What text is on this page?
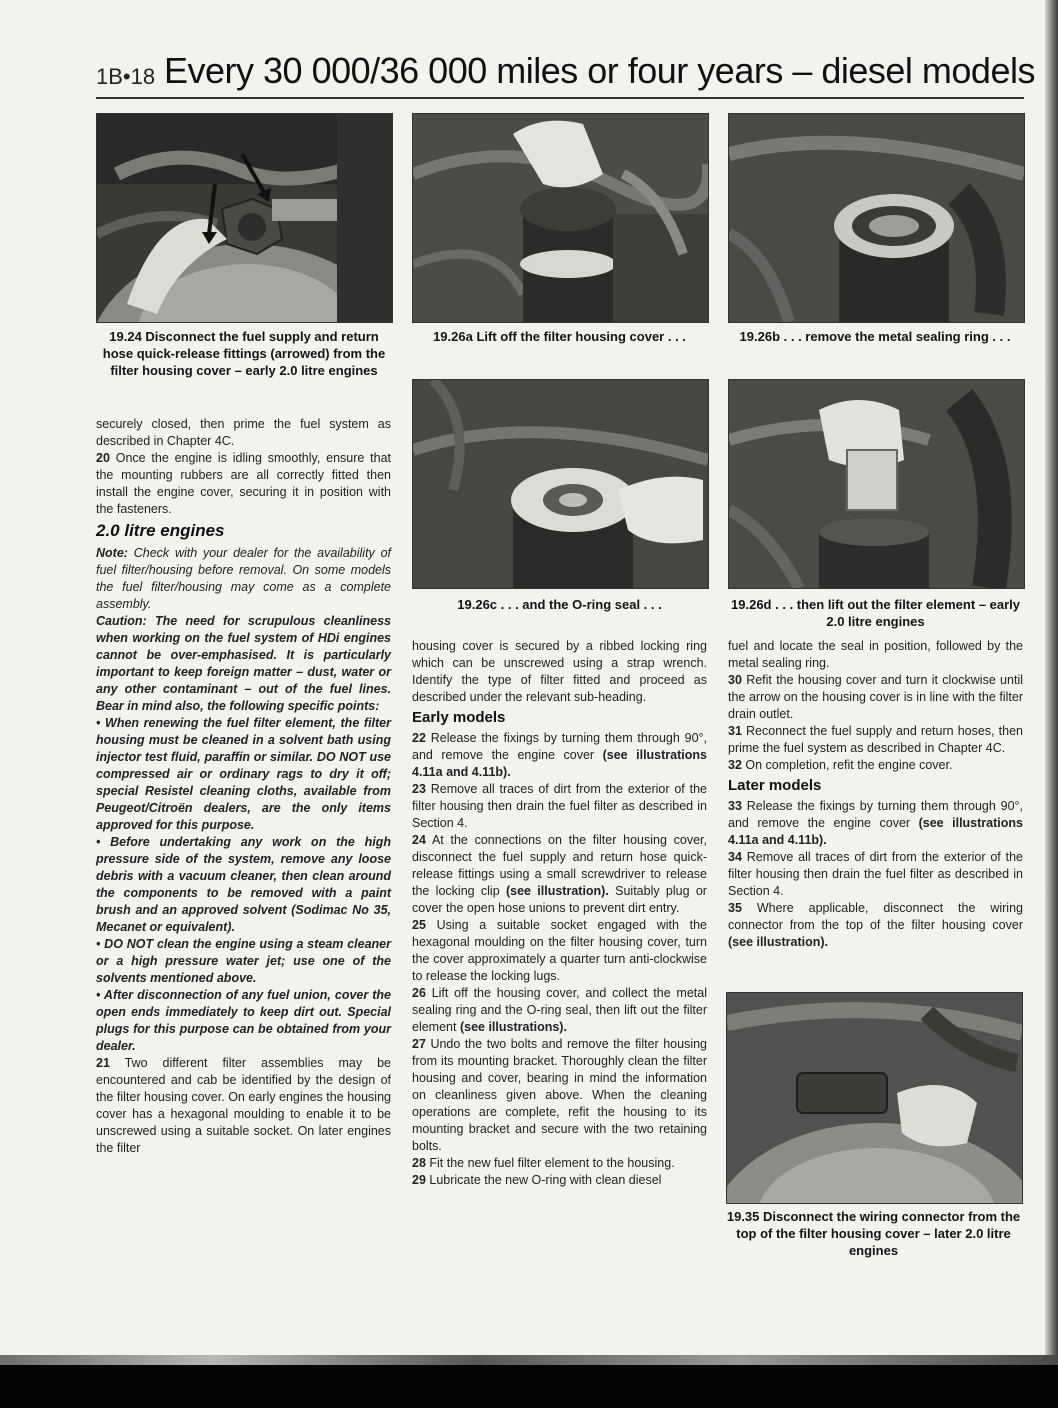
1B•18 Every 30 000/36 000 miles or four years – diesel models
19.24 Disconnect the fuel supply and return hose quick-release fittings (arrowed) from the filter housing cover – early 2.0 litre engines
19.26a Lift off the filter housing cover . . .	19.26b . . . remove the metal sealing ring . . .
19.26c . . . and the O-ring seal . . .	19.26d . . . then lift out the filter element – early 2.0 litre engines
19.35 Disconnect the wiring connector from the top of the filter housing cover – later 2.0 litre engines

securely closed, then prime the fuel system as described in Chapter 4C.

20 Once the engine is idling smoothly, ensure that the mounting rubbers are all correctly fitted then install the engine cover, securing it in position with the fasteners.

2.0 litre engines

Note: Check with your dealer for the availability of fuel filter/housing before removal. On some models the fuel filter/housing may come as a complete assembly.

Caution: The need for scrupulous cleanliness when working on the fuel system of HDi engines cannot be over-emphasised. It is particularly important to keep foreign matter – dust, water or any other contaminant – out of the fuel lines. Bear in mind also, the following specific points:

• When renewing the fuel filter element, the filter housing must be cleaned in a solvent bath using injector test fluid, paraffin or similar. DO NOT use compressed air or ordinary rags to dry it off; special Resistel cleaning cloths, available from Peugeot/Citroën dealers, are the only items approved for this purpose.

• Before undertaking any work on the high pressure side of the system, remove any loose debris with a vacuum cleaner, then clean around the components to be removed with a paint brush and an approved solvent (Sodimac No 35, Mecanet or equivalent).

• DO NOT clean the engine using a steam cleaner or a high pressure water jet; use one of the solvents mentioned above.

• After disconnection of any fuel union, cover the open ends immediately to keep dirt out. Special plugs for this purpose can be obtained from your dealer.

21 Two different filter assemblies may be encountered and cab be identified by the design of the filter housing cover. On early engines the housing cover has a hexagonal moulding to enable it to be unscrewed using a suitable socket. On later engines the filter

housing cover is secured by a ribbed locking ring which can be unscrewed using a strap wrench. Identify the type of filter fitted and proceed as described under the relevant sub-heading.

Early models

22 Release the fixings by turning them through 90°, and remove the engine cover (see illustrations 4.11a and 4.11b).

23 Remove all traces of dirt from the exterior of the filter housing then drain the fuel filter as described in Section 4.

24 At the connections on the filter housing cover, disconnect the fuel supply and return hose quick-release fittings using a small screwdriver to release the locking clip (see illustration). Suitably plug or cover the open hose unions to prevent dirt entry.

25 Using a suitable socket engaged with the hexagonal moulding on the filter housing cover, turn the cover approximately a quarter turn anti-clockwise to release the locking lugs.

26 Lift off the housing cover, and collect the metal sealing ring and the O-ring seal, then lift out the filter element (see illustrations).

27 Undo the two bolts and remove the filter housing from its mounting bracket. Thoroughly clean the filter housing and cover, bearing in mind the information on cleanliness given above. When the cleaning operations are complete, refit the housing to its mounting bracket and secure with the two retaining bolts.

28 Fit the new fuel filter element to the housing.

29 Lubricate the new O-ring with clean diesel

fuel and locate the seal in position, followed by the metal sealing ring.

30 Refit the housing cover and turn it clockwise until the arrow on the housing cover is in line with the filter drain outlet.

31 Reconnect the fuel supply and return hoses, then prime the fuel system as described in Chapter 4C.

32 On completion, refit the engine cover.

Later models

33 Release the fixings by turning them through 90°, and remove the engine cover (see illustrations 4.11a and 4.11b).

34 Remove all traces of dirt from the exterior of the filter housing then drain the fuel filter as described in Section 4.

35 Where applicable, disconnect the wiring connector from the top of the filter housing cover (see illustration).
